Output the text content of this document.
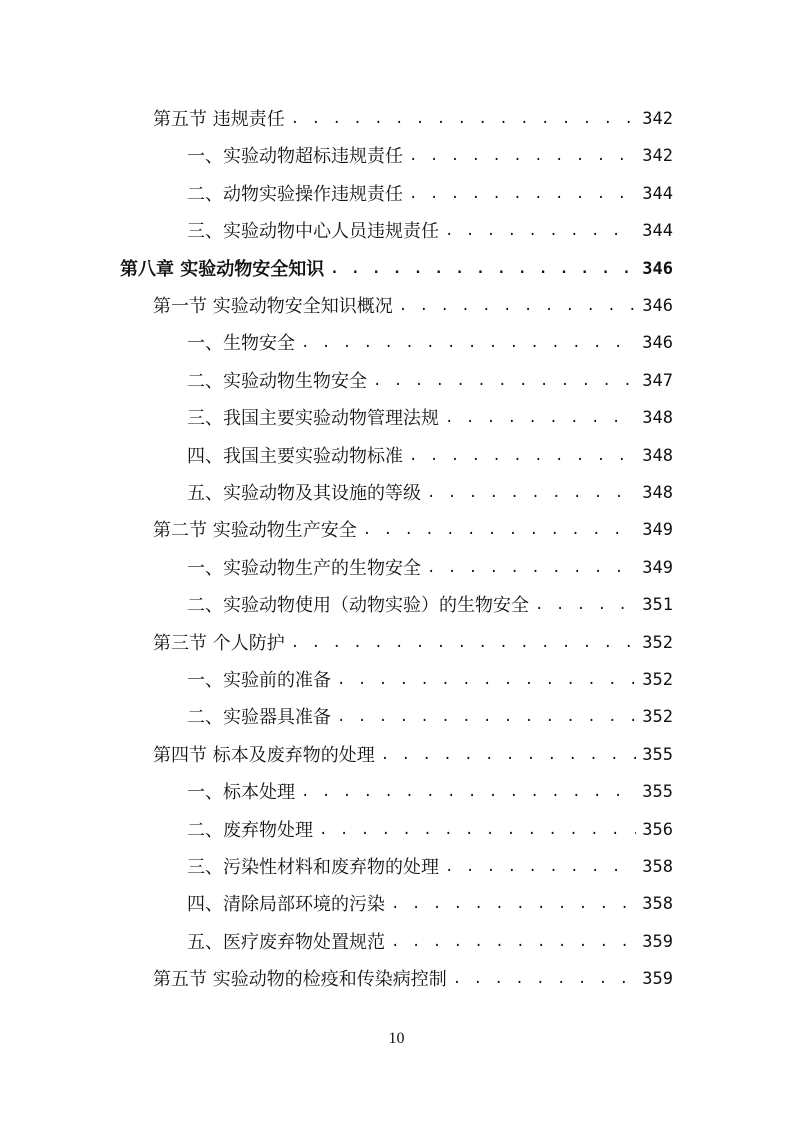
第五节 违规责任 . . .	342
一、实验动物超标违规责任 . . .	342
二、动物实验操作违规责任 . . .	344
三、实验动物中心人员违规责任 . . .	344
第八章 实验动物安全知识 . . .	346
第一节 实验动物安全知识概况 . . .	346
一、生物安全 . . .	346
二、实验动物生物安全 . . .	347
三、我国主要实验动物管理法规 . . .	348
四、我国主要实验动物标准 . . .	348
五、实验动物及其设施的等级 . . .	348
第二节 实验动物生产安全 . . .	349
一、实验动物生产的生物安全 . . .	349
二、实验动物使用（动物实验）的生物安全 . . .	351
第三节 个人防护 . . .	352
一、实验前的准备 . . .	352
二、实验器具准备 . . .	352
第四节 标本及废弃物的处理 . . .	355
一、标本处理 . . .	355
二、废弃物处理 . . .	356
三、污染性材料和废弃物的处理 . . .	358
四、清除局部环境的污染 . . .	358
五、医疗废弃物处置规范 . . .	359
第五节 实验动物的检疫和传染病控制 . . .	359
10
